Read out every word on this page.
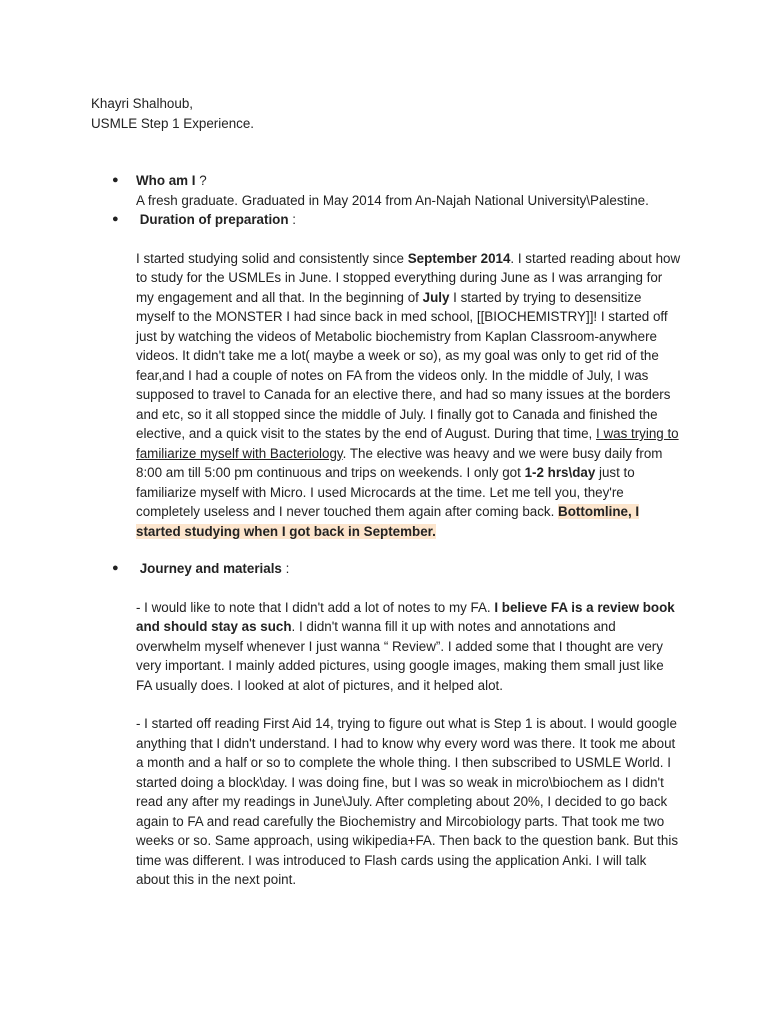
Khayri Shalhoub,
USMLE Step 1 Experience.
● Who am I ?
A fresh graduate. Graduated in May 2014 from An-Najah National University\Palestine.
● Duration of preparation :

I started studying solid and consistently since September 2014. I started reading about how to study for the USMLEs in June. I stopped everything during June as I was arranging for my engagement and all that. In the beginning of July I started by trying to desensitize myself to the MONSTER I had since back in med school, [[BIOCHEMISTRY]]! I started off just by watching the videos of Metabolic biochemistry from Kaplan Classroom-anywhere videos. It didn't take me a lot( maybe a week or so), as my goal was only to get rid of the fear,and I had a couple of notes on FA from the videos only. In the middle of July, I was supposed to travel to Canada for an elective there, and had so many issues at the borders and etc, so it all stopped since the middle of July. I finally got to Canada and finished the elective, and a quick visit to the states by the end of August. During that time, I was trying to familiarize myself with Bacteriology. The elective was heavy and we were busy daily from 8:00 am till 5:00 pm continuous and trips on weekends. I only got 1-2 hrs\day just to familiarize myself with Micro. I used Microcards at the time. Let me tell you, they're completely useless and I never touched them again after coming back. Bottomline, I started studying when I got back in September.

● Journey and materials :

- I would like to note that I didn't add a lot of notes to my FA. I believe FA is a review book and should stay as such. I didn't wanna fill it up with notes and annotations and overwhelm myself whenever I just wanna “ Review”. I added some that I thought are very very important. I mainly added pictures, using google images, making them small just like FA usually does. I looked at alot of pictures, and it helped alot.

- I started off reading First Aid 14, trying to figure out what is Step 1 is about. I would google anything that I didn't understand. I had to know why every word was there. It took me about a month and a half or so to complete the whole thing. I then subscribed to USMLE World. I started doing a block\day. I was doing fine, but I was so weak in micro\biochem as I didn't read any after my readings in June\July. After completing about 20%, I decided to go back again to FA and read carefully the Biochemistry and Mircobiology parts. That took me two weeks or so. Same approach, using wikipedia+FA. Then back to the question bank. But this time was different. I was introduced to Flash cards using the application Anki. I will talk about this in the next point.
